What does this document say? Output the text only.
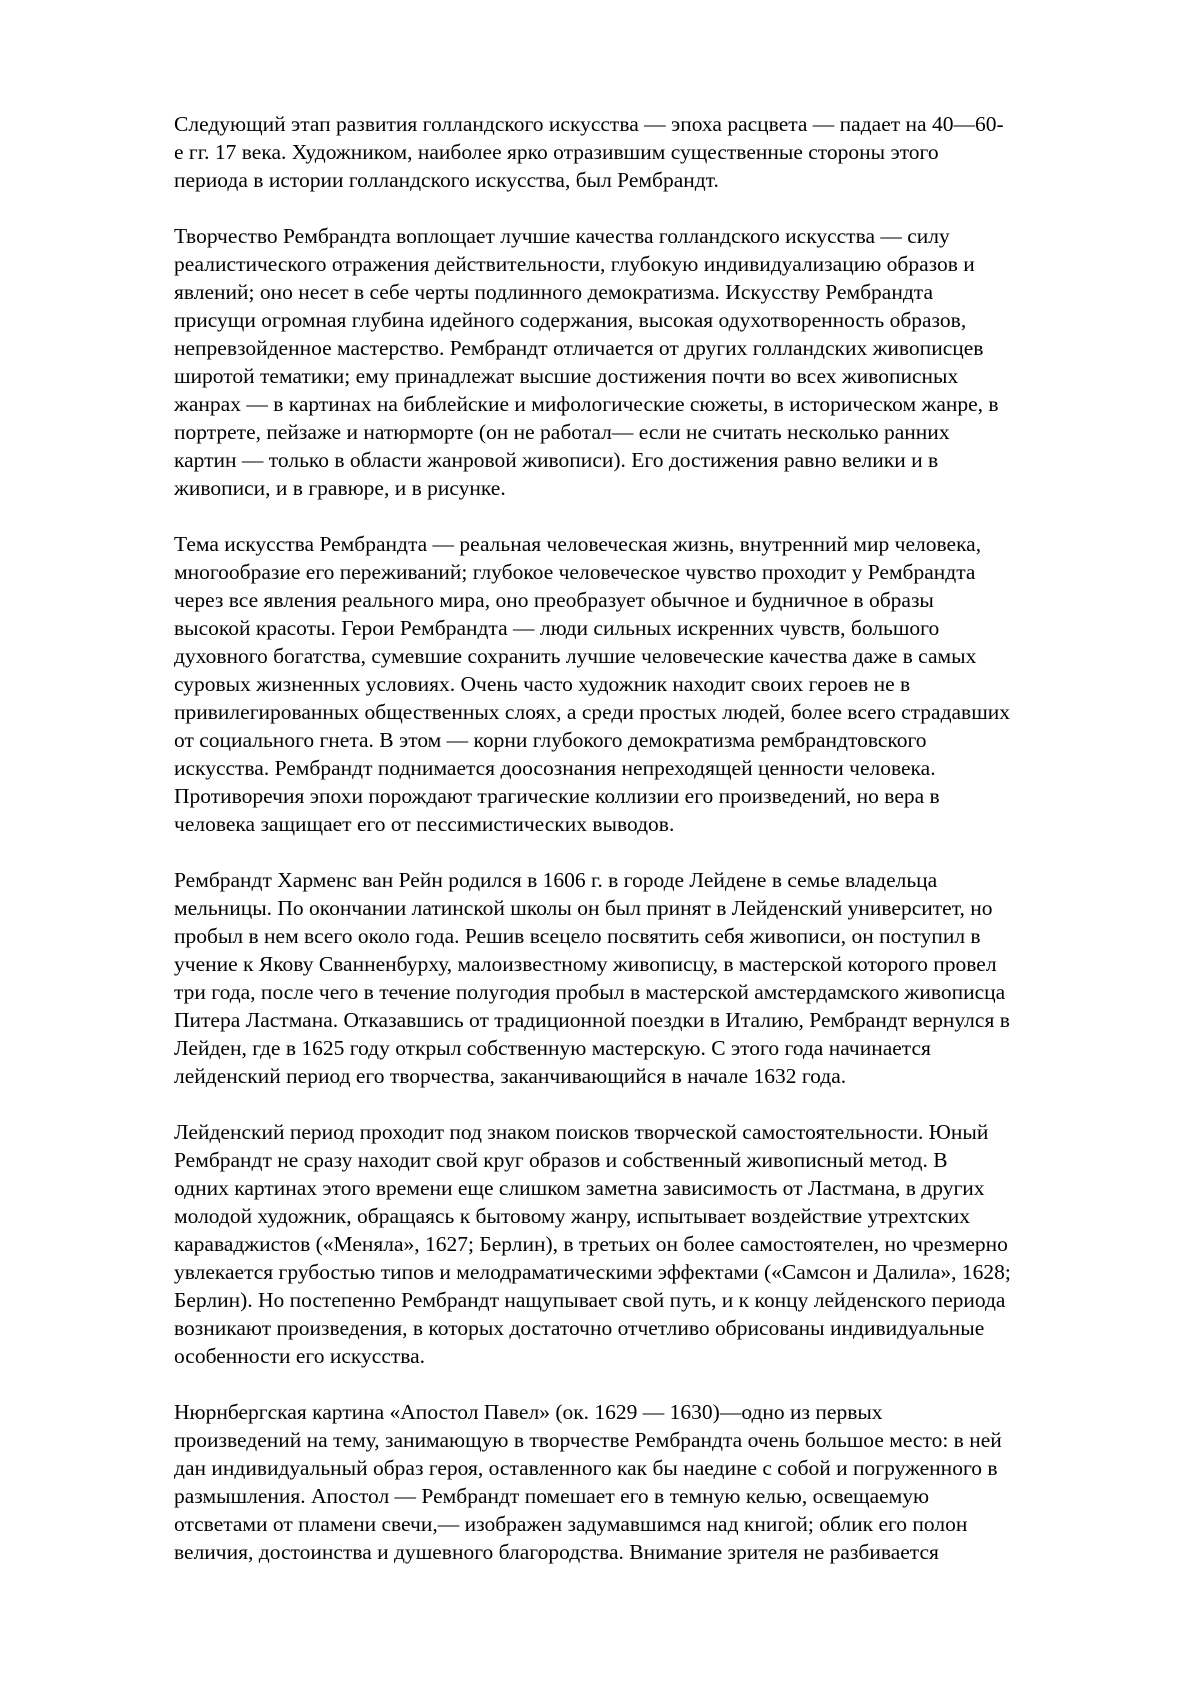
Следующий этап развития голландского искусства — эпоха расцвета — падает на 40—60-
е гг. 17 века. Художником, наиболее ярко отразившим существенные стороны этого
периода в истории голландского искусства, был Рембрандт.

Творчество Рембрандта воплощает лучшие качества голландского искусства — силу
реалистического отражения действительности, глубокую индивидуализацию образов и
явлений; оно несет в себе черты подлинного демократизма. Искусству Рембрандта
присущи огромная глубина идейного содержания, высокая одухотворенность образов,
непревзойденное мастерство. Рембрандт отличается от других голландских живописцев
широтой тематики; ему принадлежат высшие достижения почти во всех живописных
жанрах — в картинах на библейские и мифологические сюжеты, в историческом жанре, в
портрете, пейзаже и натюрморте (он не работал— если не считать несколько ранних
картин — только в области жанровой живописи). Его достижения равно велики и в
живописи, и в гравюре, и в рисунке.

Тема искусства Рембрандта — реальная человеческая жизнь, внутренний мир человека,
многообразие его переживаний; глубокое человеческое чувство проходит у Рембрандта
через все явления реального мира, оно преобразует обычное и будничное в образы
высокой красоты. Герои Рембрандта — люди сильных искренних чувств, большого
духовного богатства, сумевшие сохранить лучшие человеческие качества даже в самых
суровых жизненных условиях. Очень часто художник находит своих героев не в
привилегированных общественных слоях, а среди простых людей, более всего страдавших
от социального гнета. В этом — корни глубокого демократизма рембрандтовского
искусства. Рембрандт поднимается доосознания непреходящей ценности человека.
Противоречия эпохи порождают трагические коллизии его произведений, но вера в
человека защищает его от пессимистических выводов.

Рембрандт Харменс ван Рейн родился в 1606 г. в городе Лейдене в семье владельца
мельницы. По окончании латинской школы он был принят в Лейденский университет, но
пробыл в нем всего около года. Решив всецело посвятить себя живописи, он поступил в
учение к Якову Сванненбурху, малоизвестному живописцу, в мастерской которого провел
три года, после чего в течение полугодия пробыл в мастерской амстердамского живописца
Питера Ластмана. Отказавшись от традиционной поездки в Италию, Рембрандт вернулся в
Лейден, где в 1625 году открыл собственную мастерскую. С этого года начинается
лейденский период его творчества, заканчивающийся в начале 1632 года.

Лейденский период проходит под знаком поисков творческой самостоятельности. Юный
Рембрандт не сразу находит свой круг образов и собственный живописный метод. В
одних картинах этого времени еще слишком заметна зависимость от Ластмана, в других
молодой художник, обращаясь к бытовому жанру, испытывает воздействие утрехтских
караваджистов («Меняла», 1627; Берлин), в третьих он более самостоятелен, но чрезмерно
увлекается грубостью типов и мелодраматическими эффектами («Самсон и Далила», 1628;
Берлин). Но постепенно Рембрандт нащупывает свой путь, и к концу лейденского периода
возникают произведения, в которых достаточно отчетливо обрисованы индивидуальные
особенности его искусства.

Нюрнбергская картина «Апостол Павел» (ок. 1629 — 1630)—одно из первых
произведений на тему, занимающую в творчестве Рембрандта очень большое место: в ней
дан индивидуальный образ героя, оставленного как бы наедине с собой и погруженного в
размышления. Апостол — Рембрандт помешает его в темную келью, освещаемую
отсветами от пламени свечи,— изображен задумавшимся над книгой; облик его полон
величия, достоинства и душевного благородства. Внимание зрителя не разбивается
